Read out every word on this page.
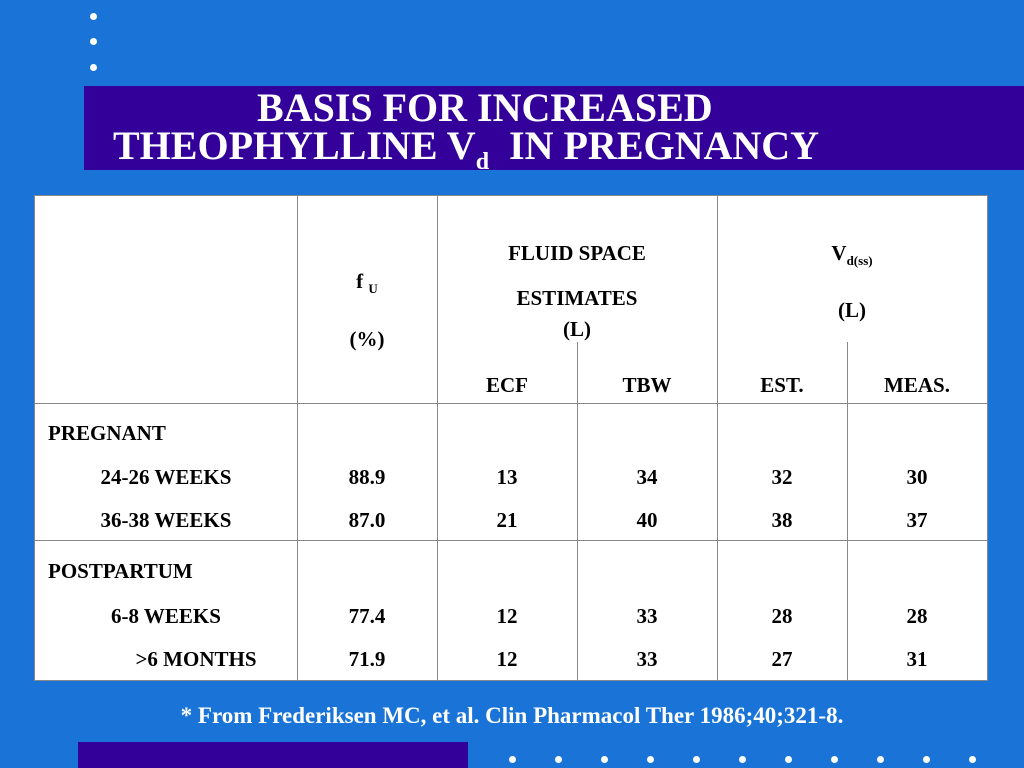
BASIS FOR INCREASED
THEOPHYLLINE $V_d$ IN PREGNANCY
f $_U$
(%)
FLUID SPACE
ESTIMATES
(L)
$V_{d(ss)}$
(L)
ECF	TBW	EST.	MEAS.
PREGNANT
24-26 WEEKS	88.9	13	34	32	30
36-38 WEEKS	87.0	21	40	38	37
POSTPARTUM
6-8 WEEKS	77.4	12	33	28	28
>6 MONTHS	71.9	12	33	27	31
* From Frederiksen MC, et al. Clin Pharmacol Ther 1986;40;321-8.
